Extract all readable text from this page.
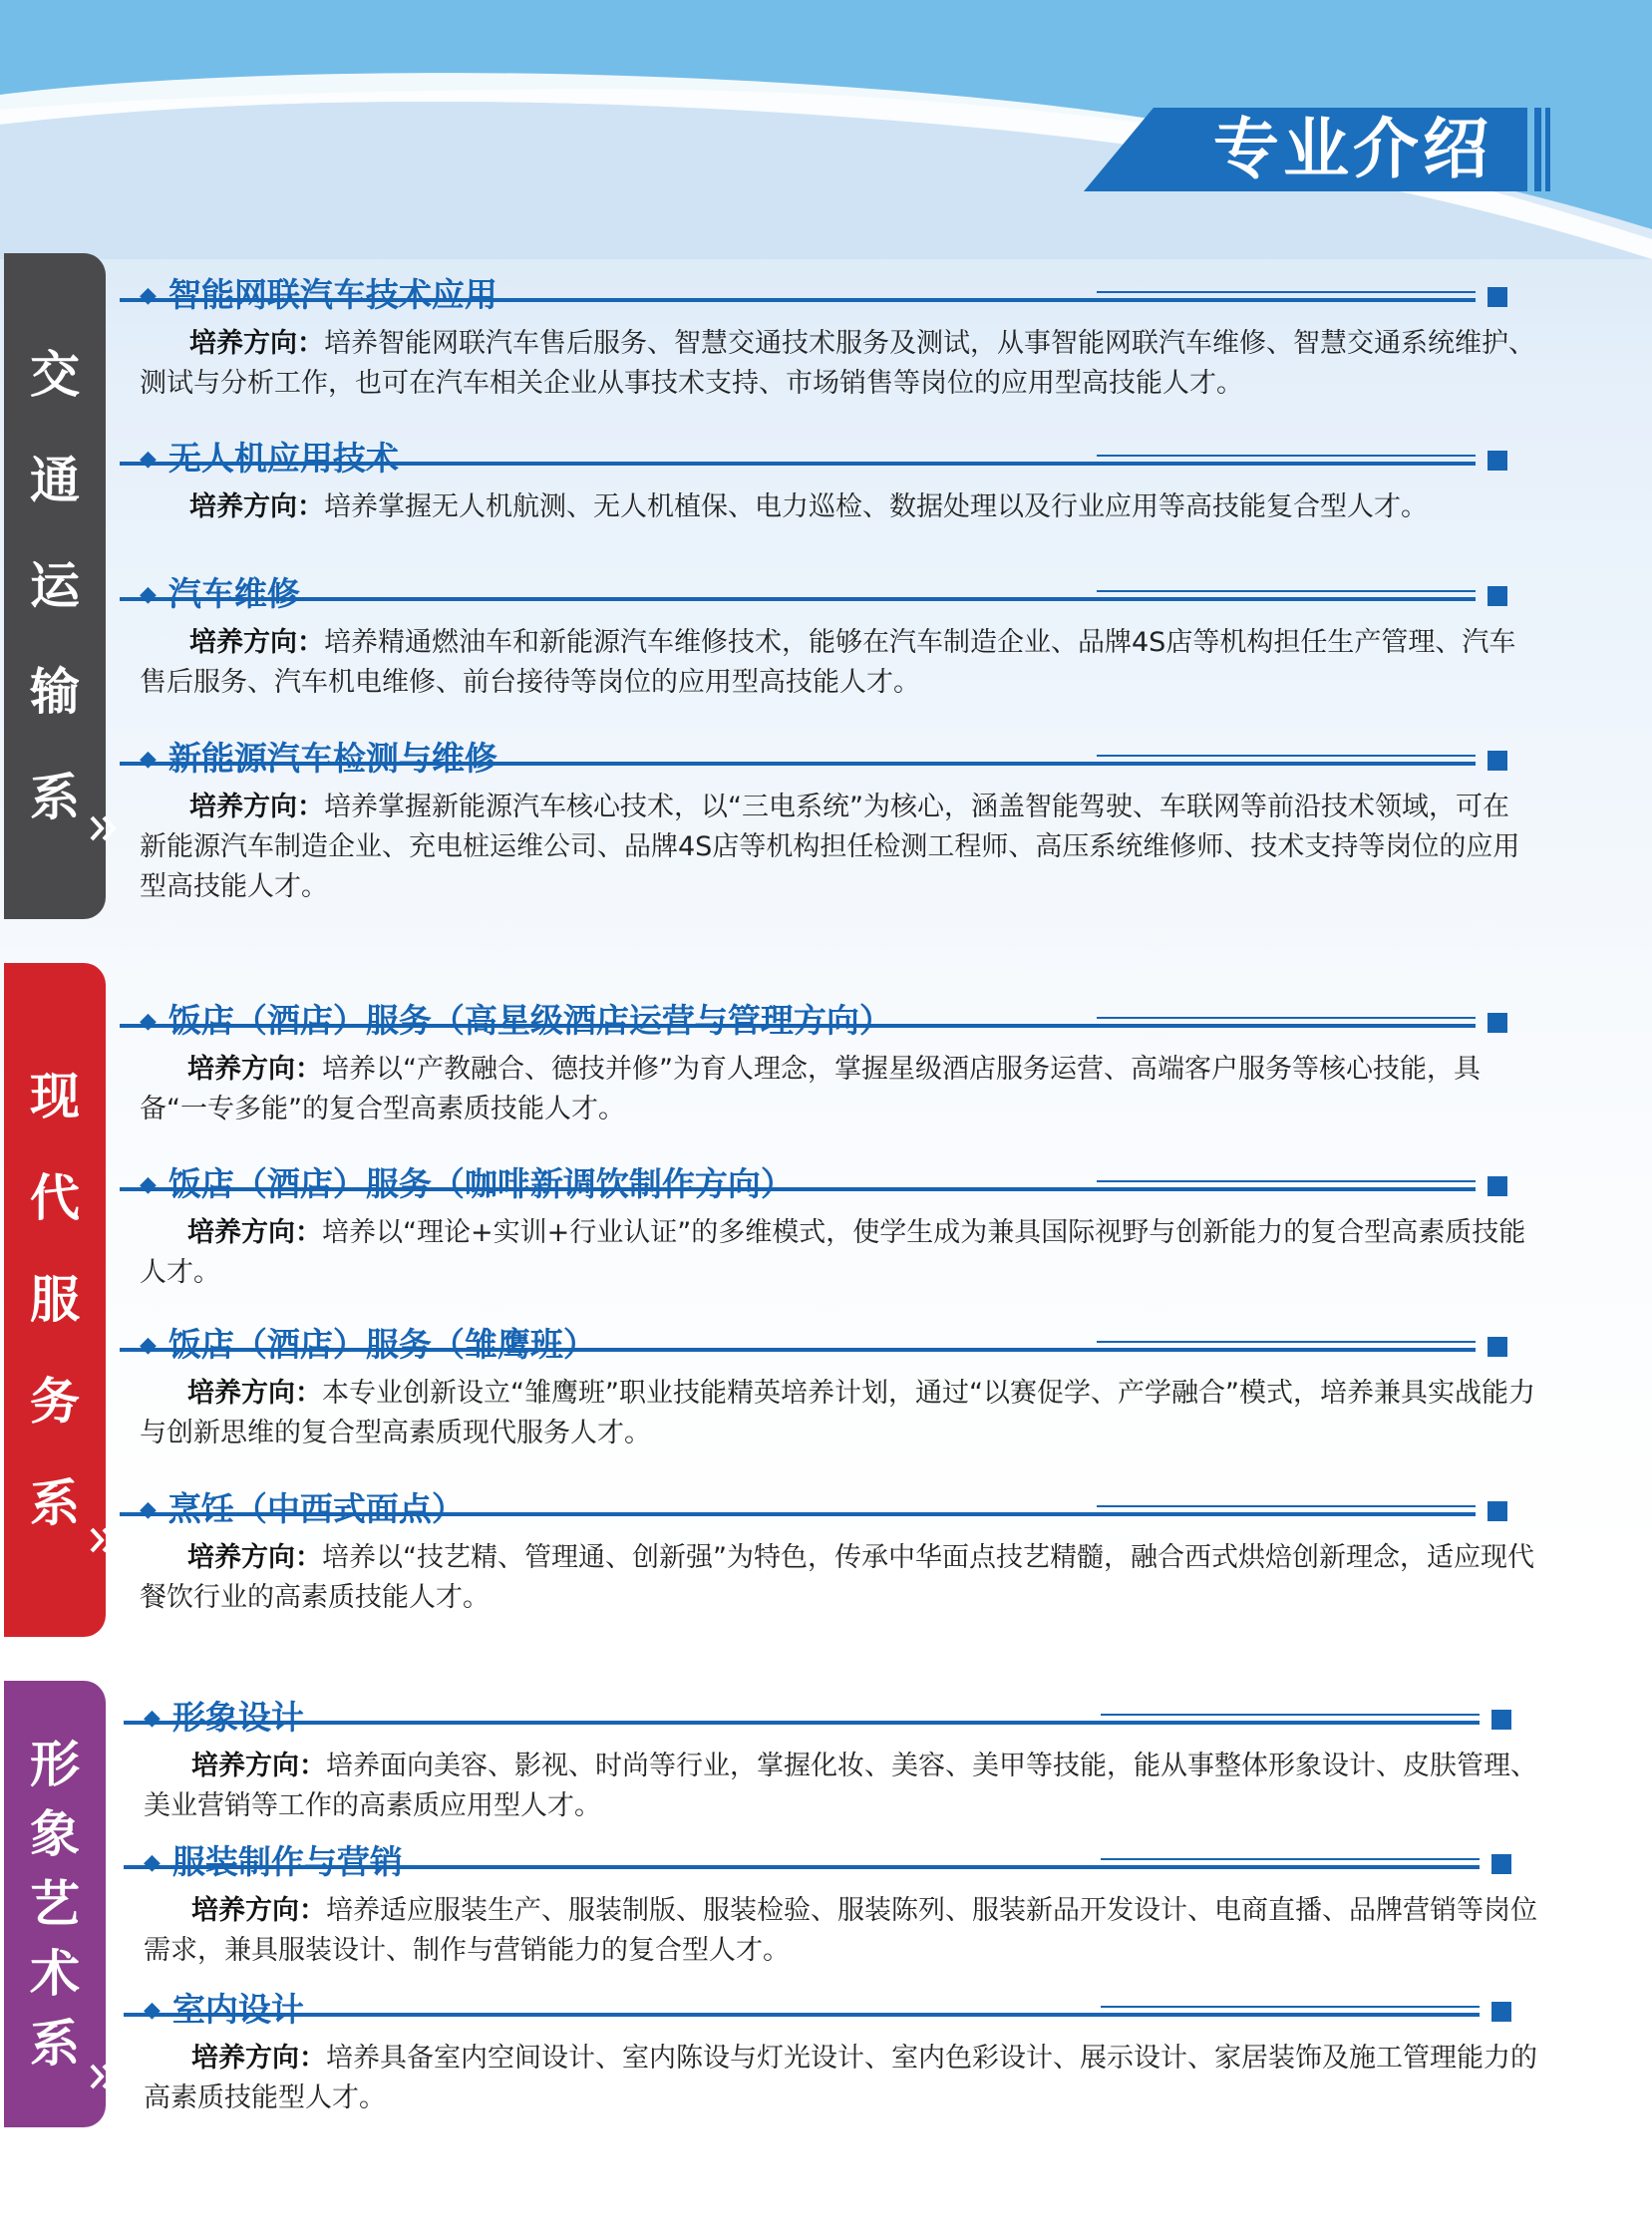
专业介绍
交
通
运
输
系
现
代
服
务
系
形
象
艺
术
系
◆ 智能网联汽车技术应用
培养方向：培养智能网联汽车售后服务、智慧交通技术服务及测试，从事智能网联汽车维修、智慧交通系统维护、测试与分析工作，也可在汽车相关企业从事技术支持、市场销售等岗位的应用型高技能人才。
◆ 无人机应用技术
培养方向：培养掌握无人机航测、无人机植保、电力巡检、数据处理以及行业应用等高技能复合型人才。
◆ 汽车维修
培养方向：培养精通燃油车和新能源汽车维修技术，能够在汽车制造企业、品牌4S店等机构担任生产管理、汽车售后服务、汽车机电维修、前台接待等岗位的应用型高技能人才。
◆ 新能源汽车检测与维修
培养方向：培养掌握新能源汽车核心技术，以“三电系统”为核心，涵盖智能驾驶、车联网等前沿技术领域，可在新能源汽车制造企业、充电桩运维公司、品牌4S店等机构担任检测工程师、高压系统维修师、技术支持等岗位的应用型高技能人才。
◆ 饭店（酒店）服务（高星级酒店运营与管理方向）
培养方向：培养以“产教融合、德技并修”为育人理念，掌握星级酒店服务运营、高端客户服务等核心技能，具备“一专多能”的复合型高素质技能人才。
◆ 饭店（酒店）服务（咖啡新调饮制作方向）
培养方向：培养以“理论+实训+行业认证”的多维模式，使学生成为兼具国际视野与创新能力的复合型高素质技能人才。
◆ 饭店（酒店）服务（雏鹰班）
培养方向：本专业创新设立“雏鹰班”职业技能精英培养计划，通过“以赛促学、产学融合”模式，培养兼具实战能力与创新思维的复合型高素质现代服务人才。
◆ 烹饪（中西式面点）
培养方向：培养以“技艺精、管理通、创新强”为特色，传承中华面点技艺精髓，融合西式烘焙创新理念，适应现代餐饮行业的高素质技能人才。
◆ 形象设计
培养方向：培养面向美容、影视、时尚等行业，掌握化妆、美容、美甲等技能，能从事整体形象设计、皮肤管理、美业营销等工作的高素质应用型人才。
◆ 服装制作与营销
培养方向：培养适应服装生产、服装制版、服装检验、服装陈列、服装新品开发设计、电商直播、品牌营销等岗位需求，兼具服装设计、制作与营销能力的复合型人才。
◆ 室内设计
培养方向：培养具备室内空间设计、室内陈设与灯光设计、室内色彩设计、展示设计、家居装饰及施工管理能力的高素质技能型人才。
